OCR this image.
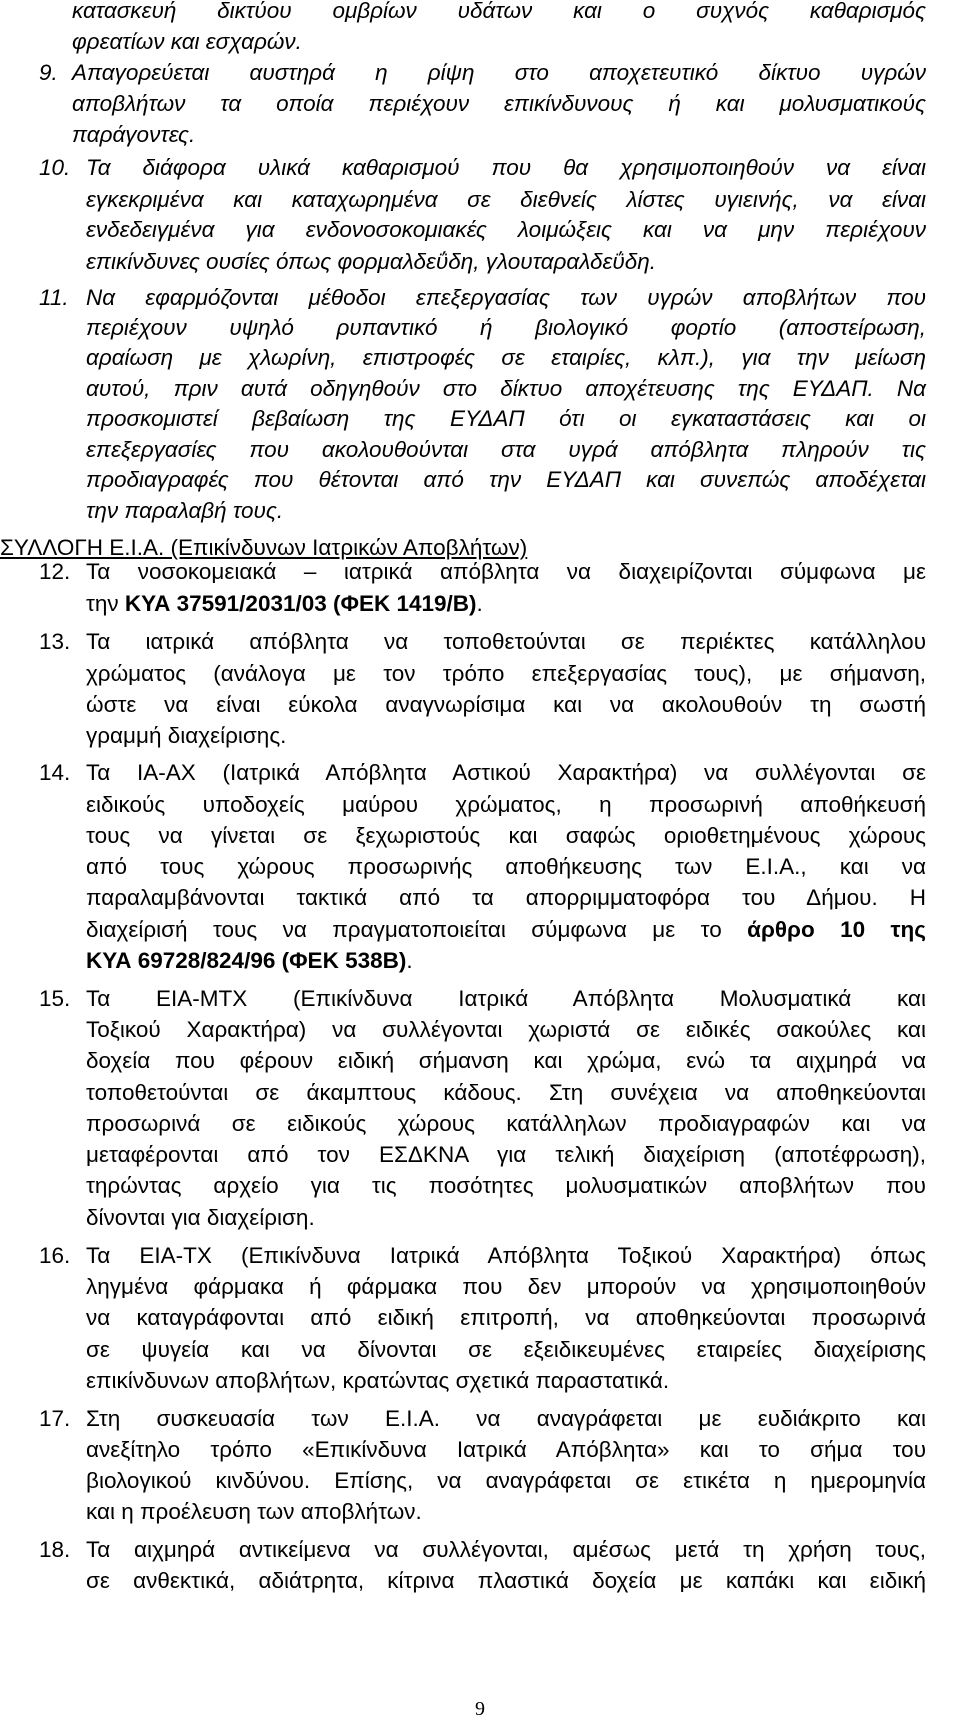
κατασκευή δικτύου ομβρίων υδάτων και ο συχνός καθαρισμός
φρεατίων και εσχαρών.
9. Απαγορεύεται αυστηρά η ρίψη στο αποχετευτικό δίκτυο υγρών
αποβλήτων τα οποία περιέχουν επικίνδυνους ή και μολυσματικούς
παράγοντες.
10. Τα διάφορα υλικά καθαρισμού που θα χρησιμοποιηθούν να είναι
εγκεκριμένα και καταχωρημένα σε διεθνείς λίστες υγιεινής, να είναι
ενδεδειγμένα για ενδονοσοκομιακές λοιμώξεις και να μην περιέχουν
επικίνδυνες ουσίες όπως φορμαλδεΰδη, γλουταραλδεΰδη.
11. Να εφαρμόζονται μέθοδοι επεξεργασίας των υγρών αποβλήτων που
περιέχουν υψηλό ρυπαντικό ή βιολογικό φορτίο (αποστείρωση,
αραίωση με χλωρίνη, επιστροφές σε εταιρίες, κλπ.), για την μείωση
αυτού, πριν αυτά οδηγηθούν στο δίκτυο αποχέτευσης της ΕΥΔΑΠ. Να
προσκομιστεί βεβαίωση της ΕΥΔΑΠ ότι οι εγκαταστάσεις και οι
επεξεργασίες που ακολουθούνται στα υγρά απόβλητα πληρούν τις
προδιαγραφές που θέτονται από την ΕΥΔΑΠ και συνεπώς αποδέχεται
την παραλαβή τους.
ΣΥΛΛΟΓΗ Ε.Ι.Α. (Επικίνδυνων Ιατρικών Αποβλήτων)
12. Τα νοσοκομειακά – ιατρικά απόβλητα να διαχειρίζονται σύμφωνα με
την ΚΥΑ 37591/2031/03 (ΦΕΚ 1419/Β).
13. Τα ιατρικά απόβλητα να τοποθετούνται σε περιέκτες κατάλληλου
χρώματος (ανάλογα με τον τρόπο επεξεργασίας τους), με σήμανση,
ώστε να είναι εύκολα αναγνωρίσιμα και να ακολουθούν τη σωστή
γραμμή διαχείρισης.
14. Τα ΙΑ-ΑΧ (Ιατρικά Απόβλητα Αστικού Χαρακτήρα) να συλλέγονται σε
ειδικούς υποδοχείς μαύρου χρώματος, η προσωρινή αποθήκευσή
τους να γίνεται σε ξεχωριστούς και σαφώς οριοθετημένους χώρους
από τους χώρους προσωρινής αποθήκευσης των Ε.Ι.Α., και να
παραλαμβάνονται τακτικά από τα απορριμματοφόρα του Δήμου. Η
διαχείρισή τους να πραγματοποιείται σύμφωνα με το άρθρο 10 της
ΚΥΑ 69728/824/96 (ΦΕΚ 538Β).
15. Τα ΕΙΑ-ΜΤΧ (Επικίνδυνα Ιατρικά Απόβλητα Μολυσματικά και
Τοξικού Χαρακτήρα) να συλλέγονται χωριστά σε ειδικές σακούλες και
δοχεία που φέρουν ειδική σήμανση και χρώμα, ενώ τα αιχμηρά να
τοποθετούνται σε άκαμπτους κάδους. Στη συνέχεια να αποθηκεύονται
προσωρινά σε ειδικούς χώρους κατάλληλων προδιαγραφών και να
μεταφέρονται από τον ΕΣΔΚΝΑ για τελική διαχείριση (αποτέφρωση),
τηρώντας αρχείο για τις ποσότητες μολυσματικών αποβλήτων που
δίνονται για διαχείριση.
16. Τα ΕΙΑ-ΤΧ (Επικίνδυνα Ιατρικά Απόβλητα Τοξικού Χαρακτήρα) όπως
ληγμένα φάρμακα ή φάρμακα που δεν μπορούν να χρησιμοποιηθούν
να καταγράφονται από ειδική επιτροπή, να αποθηκεύονται προσωρινά
σε ψυγεία και να δίνονται σε εξειδικευμένες εταιρείες διαχείρισης
επικίνδυνων αποβλήτων, κρατώντας σχετικά παραστατικά.
17. Στη συσκευασία των Ε.Ι.Α. να αναγράφεται με ευδιάκριτο και
ανεξίτηλο τρόπο «Επικίνδυνα Ιατρικά Απόβλητα» και το σήμα του
βιολογικού κινδύνου. Επίσης, να αναγράφεται σε ετικέτα η ημερομηνία
και η προέλευση των αποβλήτων.
18. Τα αιχμηρά αντικείμενα να συλλέγονται, αμέσως μετά τη χρήση τους,
σε ανθεκτικά, αδιάτρητα, κίτρινα πλαστικά δοχεία με καπάκι και ειδική
9
